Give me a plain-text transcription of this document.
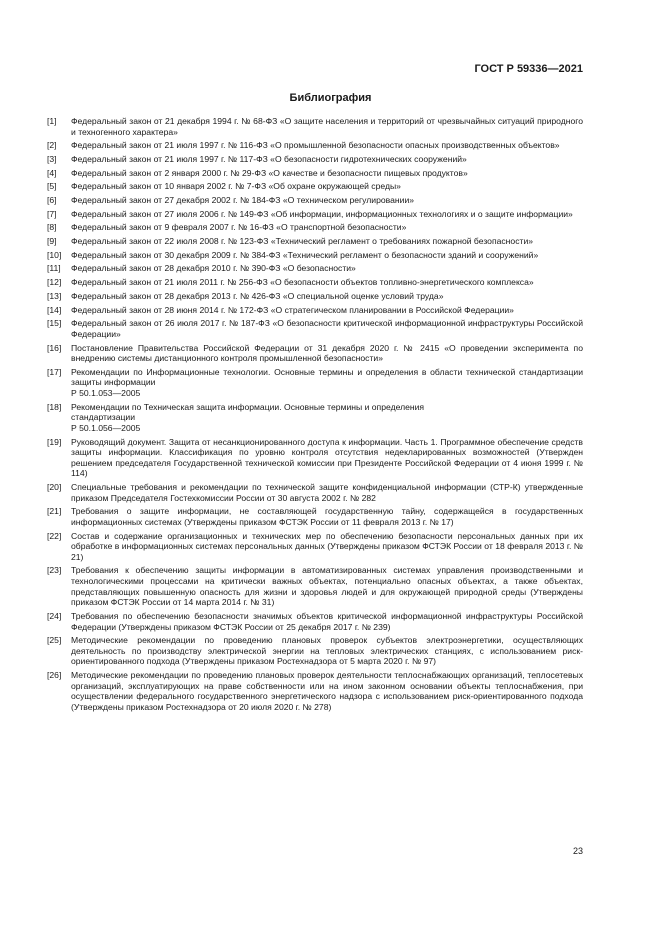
ГОСТ Р 59336—2021
Библиография
[1] Федеральный закон от 21 декабря 1994 г. № 68-ФЗ «О защите населения и территорий от чрезвычайных ситуаций природного и техногенного характера»
[2] Федеральный закон от 21 июля 1997 г. № 116-ФЗ «О промышленной безопасности опасных производственных объектов»
[3] Федеральный закон от 21 июля 1997 г. № 117-ФЗ «О безопасности гидротехнических сооружений»
[4] Федеральный закон от 2 января 2000 г. № 29-ФЗ «О качестве и безопасности пищевых продуктов»
[5] Федеральный закон от 10 января 2002 г. № 7-ФЗ «Об охране окружающей среды»
[6] Федеральный закон от 27 декабря 2002 г. № 184-ФЗ «О техническом регулировании»
[7] Федеральный закон от 27 июля 2006 г. № 149-ФЗ «Об информации, информационных технологиях и о защите информации»
[8] Федеральный закон от 9 февраля 2007 г. № 16-ФЗ «О транспортной безопасности»
[9] Федеральный закон от 22 июля 2008 г. № 123-ФЗ «Технический регламент о требованиях пожарной безопасности»
[10] Федеральный закон от 30 декабря 2009 г. № 384-ФЗ «Технический регламент о безопасности зданий и сооружений»
[11] Федеральный закон от 28 декабря 2010 г. № 390-ФЗ «О безопасности»
[12] Федеральный закон от 21 июля 2011 г. № 256-ФЗ «О безопасности объектов топливно-энергетического комплекса»
[13] Федеральный закон от 28 декабря 2013 г. № 426-ФЗ «О специальной оценке условий труда»
[14] Федеральный закон от 28 июня 2014 г. № 172-ФЗ «О стратегическом планировании в Российской Федерации»
[15] Федеральный закон от 26 июля 2017 г. № 187-ФЗ «О безопасности критической информационной инфраструктуры Российской Федерации»
[16] Постановление Правительства Российской Федерации от 31 декабря 2020 г. № 2415 «О проведении эксперимента по внедрению системы дистанционного контроля промышленной безопасности»
[17] Рекомендации по Информационные технологии. Основные термины и определения в области технической стандартизации защиты информации
Р 50.1.053—2005
[18] Рекомендации по Техническая защита информации. Основные термины и определения
стандартизации
Р 50.1.056—2005
[19] Руководящий документ. Защита от несанкционированного доступа к информации. Часть 1. Программное обеспечение средств защиты информации. Классификация по уровню контроля отсутствия недекларированных возможностей (Утвержден решением председателя Государственной технической комиссии при Президенте Российской Федерации от 4 июня 1999 г. № 114)
[20] Специальные требования и рекомендации по технической защите конфиденциальной информации (СТР-К) утвержденные приказом Председателя Гостехкомиссии России от 30 августа 2002 г. № 282
[21] Требования о защите информации, не составляющей государственную тайну, содержащейся в государственных информационных системах (Утверждены приказом ФСТЭК России от 11 февраля 2013 г. № 17)
[22] Состав и содержание организационных и технических мер по обеспечению безопасности персональных данных при их обработке в информационных системах персональных данных (Утверждены приказом ФСТЭК России от 18 февраля 2013 г. № 21)
[23] Требования к обеспечению защиты информации в автоматизированных системах управления производственными и технологическими процессами на критически важных объектах, потенциально опасных объектах, а также объектах, представляющих повышенную опасность для жизни и здоровья людей и для окружающей природной среды (Утверждены приказом ФСТЭК России от 14 марта 2014 г. № 31)
[24] Требования по обеспечению безопасности значимых объектов критической информационной инфраструктуры Российской Федерации (Утверждены приказом ФСТЭК России от 25 декабря 2017 г. № 239)
[25] Методические рекомендации по проведению плановых проверок субъектов электроэнергетики, осуществляющих деятельность по производству электрической энергии на тепловых электрических станциях, с использованием риск-ориентированного подхода (Утверждены приказом Ростехнадзора от 5 марта 2020 г. № 97)
[26] Методические рекомендации по проведению плановых проверок деятельности теплоснабжающих организаций, теплосетевых организаций, эксплуатирующих на праве собственности или на ином законном основании объекты теплоснабжения, при осуществлении федерального государственного энергетического надзора с использованием риск-ориентированного подхода (Утверждены приказом Ростехнадзора от 20 июля 2020 г. № 278)
23
